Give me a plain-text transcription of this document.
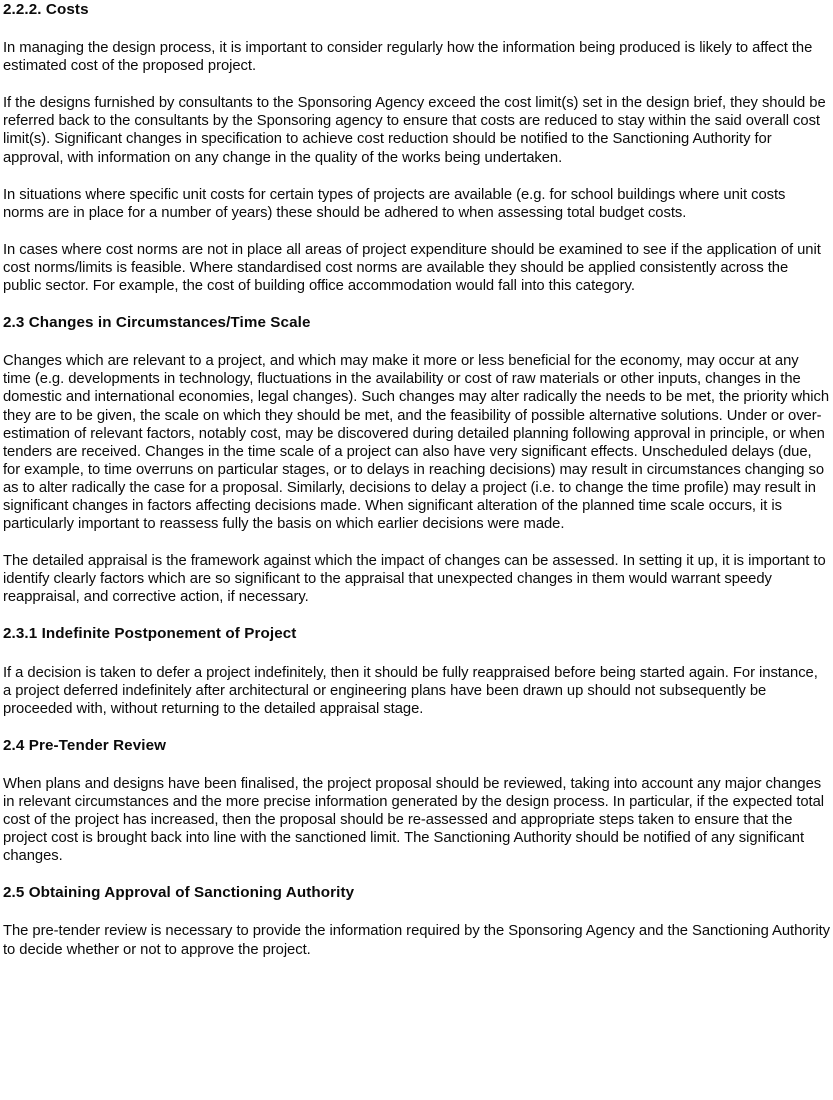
2.2.2. Costs

In managing the design process, it is important to consider regularly how the information being produced is likely to affect the estimated cost of the proposed project.

If the designs furnished by consultants to the Sponsoring Agency exceed the cost limit(s) set in the design brief, they should be referred back to the consultants by the Sponsoring agency to ensure that costs are reduced to stay within the said overall cost limit(s). Significant changes in specification to achieve cost reduction should be notified to the Sanctioning Authority for approval, with information on any change in the quality of the works being undertaken.

In situations where specific unit costs for certain types of projects are available (e.g. for school buildings where unit costs norms are in place for a number of years) these should be adhered to when assessing total budget costs.

In cases where cost norms are not in place all areas of project expenditure should be examined to see if the application of unit cost norms/limits is feasible. Where standardised cost norms are available they should be applied consistently across the public sector. For example, the cost of building office accommodation would fall into this category.

2.3 Changes in Circumstances/Time Scale

Changes which are relevant to a project, and which may make it more or less beneficial for the economy, may occur at any time (e.g. developments in technology, fluctuations in the availability or cost of raw materials or other inputs, changes in the domestic and international economies, legal changes). Such changes may alter radically the needs to be met, the priority which they are to be given, the scale on which they should be met, and the feasibility of possible alternative solutions. Under or over-estimation of relevant factors, notably cost, may be discovered during detailed planning following approval in principle, or when tenders are received. Changes in the time scale of a project can also have very significant effects. Unscheduled delays (due, for example, to time overruns on particular stages, or to delays in reaching decisions) may result in circumstances changing so as to alter radically the case for a proposal. Similarly, decisions to delay a project (i.e. to change the time profile) may result in significant changes in factors affecting decisions made. When significant alteration of the planned time scale occurs, it is particularly important to reassess fully the basis on which earlier decisions were made.

The detailed appraisal is the framework against which the impact of changes can be assessed. In setting it up, it is important to identify clearly factors which are so significant to the appraisal that unexpected changes in them would warrant speedy reappraisal, and corrective action, if necessary.

2.3.1 Indefinite Postponement of Project

If a decision is taken to defer a project indefinitely, then it should be fully reappraised before being started again. For instance, a project deferred indefinitely after architectural or engineering plans have been drawn up should not subsequently be proceeded with, without returning to the detailed appraisal stage.

2.4 Pre-Tender Review

When plans and designs have been finalised, the project proposal should be reviewed, taking into account any major changes in relevant circumstances and the more precise information generated by the design process. In particular, if the expected total cost of the project has increased, then the proposal should be re-assessed and appropriate steps taken to ensure that the project cost is brought back into line with the sanctioned limit. The Sanctioning Authority should be notified of any significant changes.

2.5 Obtaining Approval of Sanctioning Authority

The pre-tender review is necessary to provide the information required by the Sponsoring Agency and the Sanctioning Authority to decide whether or not to approve the project.
